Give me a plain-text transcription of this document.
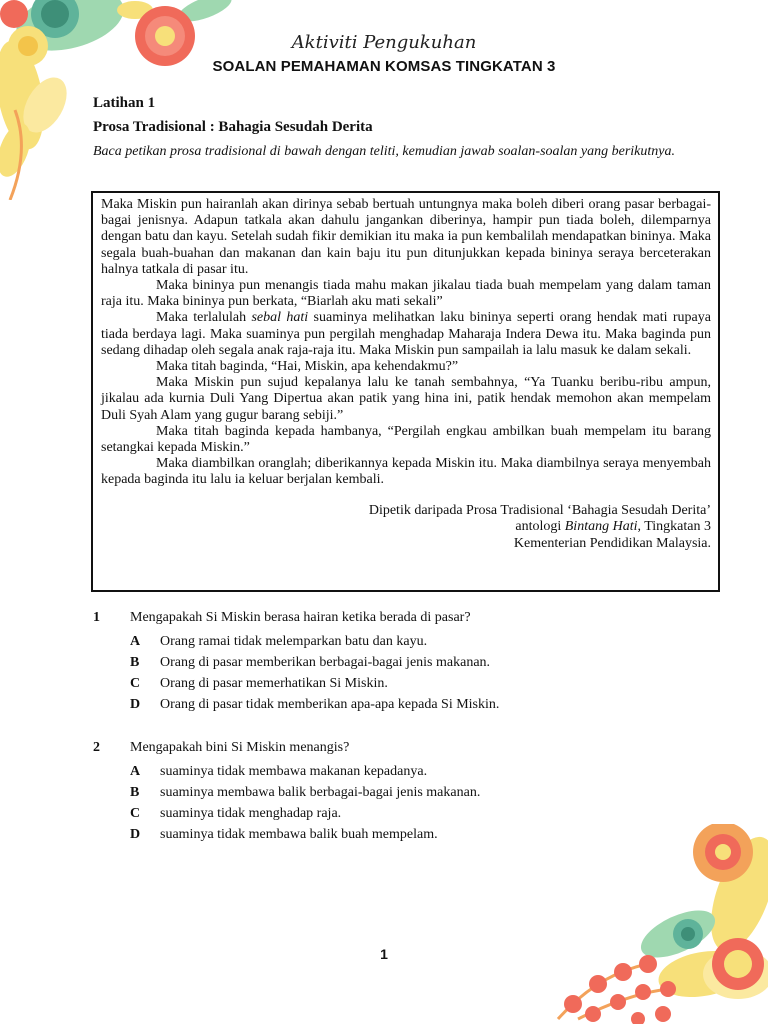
Aktiviti Pengukuhan
SOALAN PEMAHAMAN KOMSAS TINGKATAN 3
Latihan 1
Prosa Tradisional : Bahagia Sesudah Derita
Baca petikan prosa tradisional di bawah dengan teliti, kemudian jawab soalan-soalan yang berikutnya.

Maka Miskin pun hairanlah akan dirinya sebab bertuah untungnya maka boleh diberi orang pasar berbagai-bagai jenisnya. Adapun tatkala akan dahulu jangankan diberinya, hampir pun tiada boleh, dilemparnya dengan batu dan kayu. Setelah sudah fikir demikian itu maka ia pun kembalilah mendapatkan bininya. Maka segala buah-buahan dan makanan dan kain baju itu pun ditunjukkan kepada bininya seraya berceterakan halnya tatkala di pasar itu.

Maka bininya pun menangis tiada mahu makan jikalau tiada buah mempelam yang dalam taman raja itu. Maka bininya pun berkata, “Biarlah aku mati sekali”

Maka terlalulah sebal hati suaminya melihatkan laku bininya seperti orang hendak mati rupaya tiada berdaya lagi. Maka suaminya pun pergilah menghadap Maharaja Indera Dewa itu. Maka baginda pun sedang dihadap oleh segala anak raja-raja itu. Maka Miskin pun sampailah ia lalu masuk ke dalam sekali.

Maka titah baginda, “Hai, Miskin, apa kehendakmu?”

Maka Miskin pun sujud kepalanya lalu ke tanah sembahnya, “Ya Tuanku beribu-ribu ampun, jikalau ada kurnia Duli Yang Dipertua akan patik yang hina ini, patik hendak memohon akan mempelam Duli Syah Alam yang gugur barang sebiji.”

Maka titah baginda kepada hambanya, “Pergilah engkau ambilkan buah mempelam itu barang setangkai kepada Miskin.”

Maka diambilkan oranglah; diberikannya kepada Miskin itu. Maka diambilnya seraya menyembah kepada baginda itu lalu ia keluar berjalan kembali.

Dipetik daripada Prosa Tradisional ‘Bahagia Sesudah Derita’
antologi Bintang Hati, Tingkatan 3
Kementerian Pendidikan Malaysia.
1	Mengapakah Si Miskin berasa hairan ketika berada di pasar?
A	Orang ramai tidak melemparkan batu dan kayu.
B	Orang di pasar memberikan berbagai-bagai jenis makanan.
C	Orang di pasar memerhatikan Si Miskin.
D	Orang di pasar tidak memberikan apa-apa kepada Si Miskin.
2	Mengapakah bini Si Miskin menangis?
A	suaminya tidak membawa makanan kepadanya.
B	suaminya membawa balik berbagai-bagai jenis makanan.
C	suaminya tidak menghadap raja.
D	suaminya tidak membawa balik buah mempelam.
1
